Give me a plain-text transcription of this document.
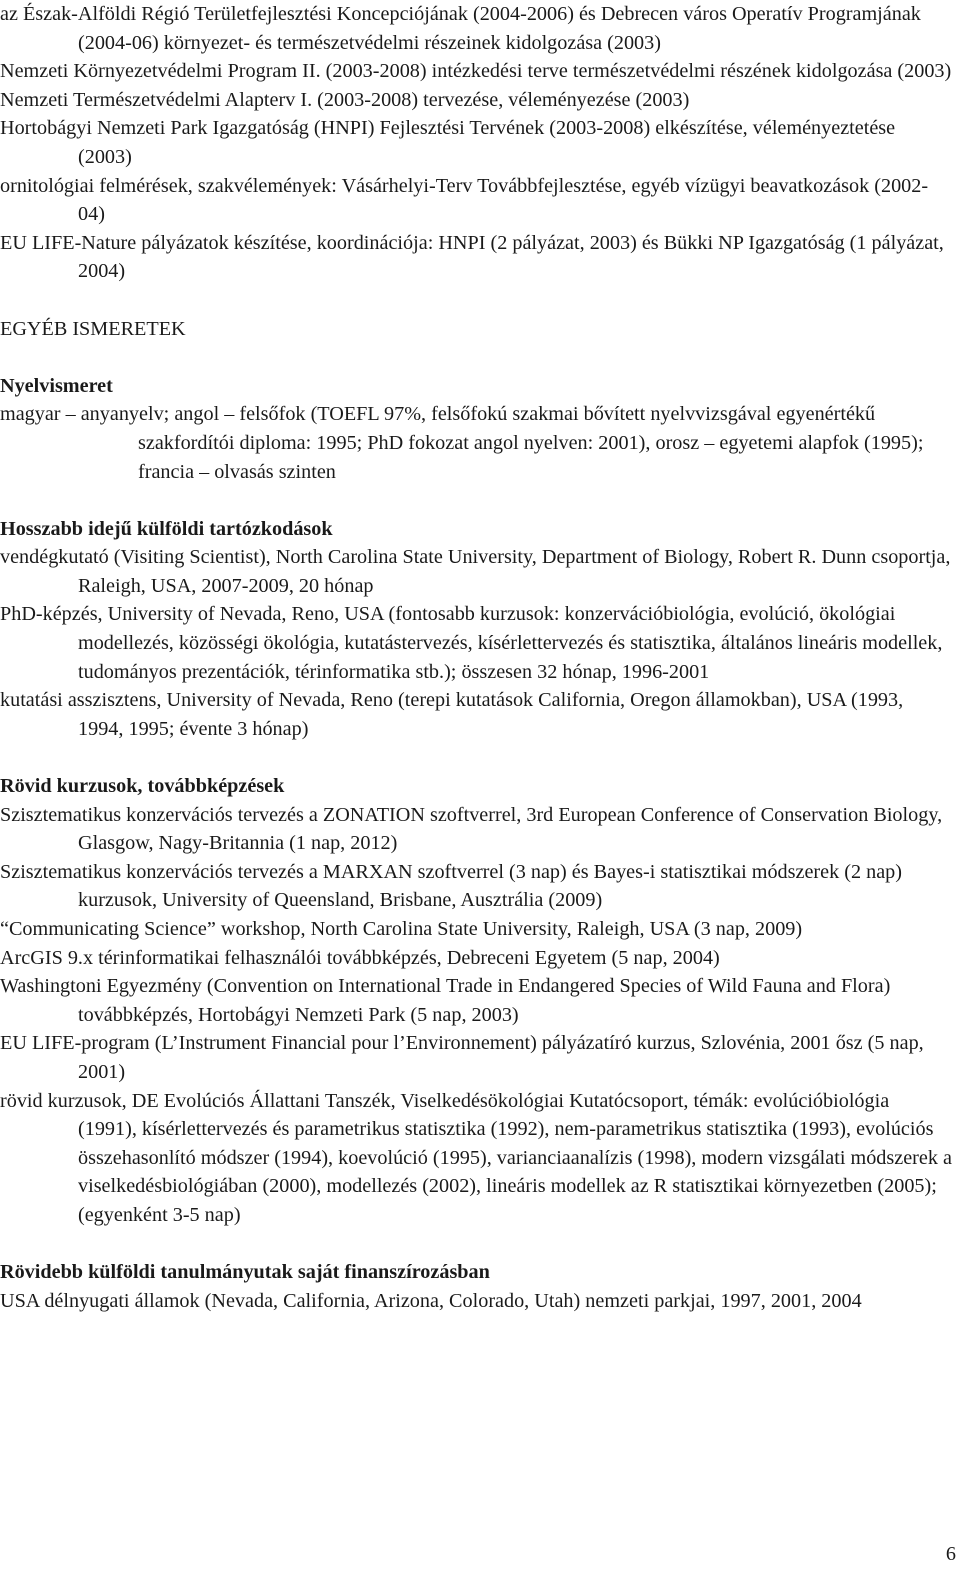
az Észak-Alföldi Régió Területfejlesztési Koncepciójának (2004-2006) és Debrecen város Operatív Programjának (2004-06) környezet- és természetvédelmi részeinek kidolgozása (2003)

Nemzeti Környezetvédelmi Program II. (2003-2008) intézkedési terve természetvédelmi részének kidolgozása (2003)

Nemzeti Természetvédelmi Alapterv I. (2003-2008) tervezése, véleményezése (2003)

Hortobágyi Nemzeti Park Igazgatóság (HNPI) Fejlesztési Tervének (2003-2008) elkészítése, véleményeztetése (2003)

ornitológiai felmérések, szakvélemények: Vásárhelyi-Terv Továbbfejlesztése, egyéb vízügyi beavatkozások (2002-04)

EU LIFE-Nature pályázatok készítése, koordinációja: HNPI (2 pályázat, 2003) és Bükki NP Igazgatóság (1 pályázat, 2004)

EGYÉB ISMERETEK

Nyelvismeret

magyar – anyanyelv; angol – felsőfok (TOEFL 97%, felsőfokú szakmai bővített nyelvvizsgával egyenértékű szakfordítói diploma: 1995; PhD fokozat angol nyelven: 2001), orosz – egyetemi alapfok (1995); francia – olvasás szinten

Hosszabb idejű külföldi tartózkodások

vendégkutató (Visiting Scientist), North Carolina State University, Department of Biology, Robert R. Dunn csoportja, Raleigh, USA, 2007-2009, 20 hónap

PhD-képzés, University of Nevada, Reno, USA (fontosabb kurzusok: konzervációbiológia, evolúció, ökológiai modellezés, közösségi ökológia, kutatástervezés, kísérlettervezés és statisztika, általános lineáris modellek, tudományos prezentációk, térinformatika stb.); összesen 32 hónap, 1996-2001

kutatási asszisztens, University of Nevada, Reno (terepi kutatások California, Oregon államokban), USA (1993, 1994, 1995; évente 3 hónap)

Rövid kurzusok, továbbképzések

Szisztematikus konzervációs tervezés a ZONATION szoftverrel, 3rd European Conference of Conservation Biology, Glasgow, Nagy-Britannia (1 nap, 2012)

Szisztematikus konzervációs tervezés a MARXAN szoftverrel (3 nap) és Bayes-i statisztikai módszerek (2 nap) kurzusok, University of Queensland, Brisbane, Ausztrália (2009)

“Communicating Science” workshop, North Carolina State University, Raleigh, USA (3 nap, 2009)

ArcGIS 9.x térinformatikai felhasználói továbbképzés, Debreceni Egyetem (5 nap, 2004)

Washingtoni Egyezmény (Convention on International Trade in Endangered Species of Wild Fauna and Flora) továbbképzés, Hortobágyi Nemzeti Park (5 nap, 2003)

EU LIFE-program (L’Instrument Financial pour l’Environnement) pályázatíró kurzus, Szlovénia, 2001 ősz (5 nap, 2001)

rövid kurzusok, DE Evolúciós Állattani Tanszék, Viselkedésökológiai Kutatócsoport, témák: evolúcióbiológia (1991), kísérlettervezés és parametrikus statisztika (1992), nem-parametrikus statisztika (1993), evolúciós összehasonlító módszer (1994), koevolúció (1995), varianciaanalízis (1998), modern vizsgálati módszerek a viselkedésbiológiában (2000), modellezés (2002), lineáris modellek az R statisztikai környezetben (2005); (egyenként 3-5 nap)

Rövidebb külföldi tanulmányutak saját finanszírozásban

USA délnyugati államok (Nevada, California, Arizona, Colorado, Utah) nemzeti parkjai, 1997, 2001, 2004

6
